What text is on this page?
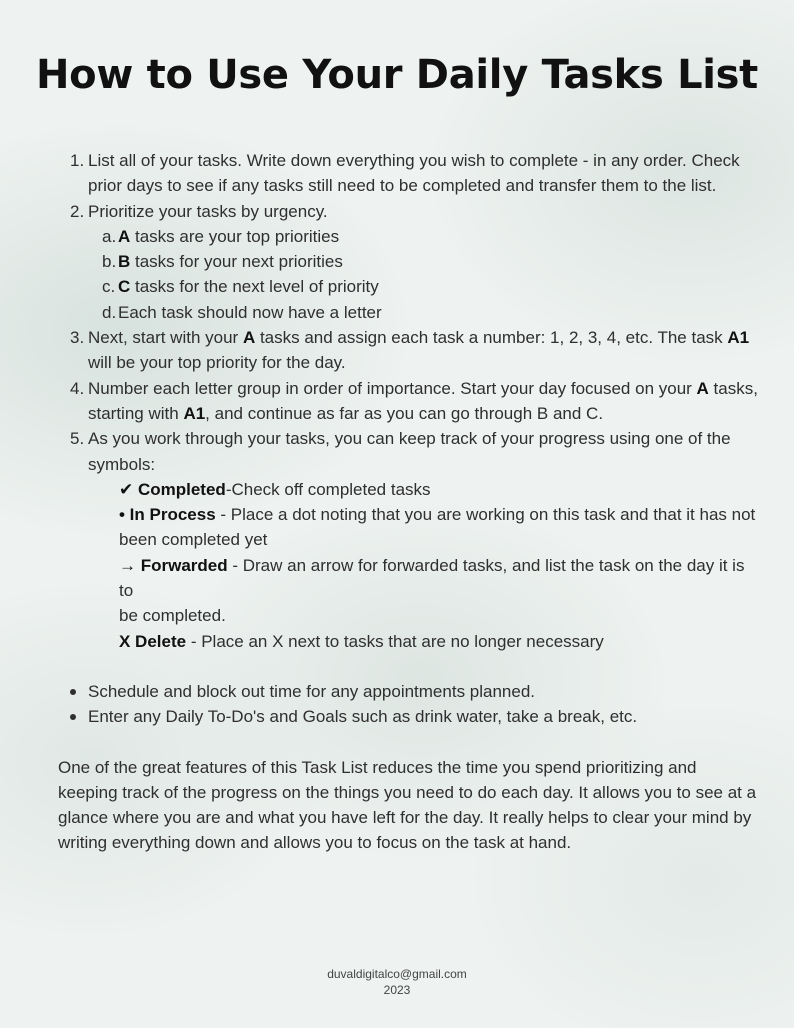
How to Use Your Daily Tasks List
1. List all of your tasks. Write down everything you wish to complete - in any order. Check prior days to see if any tasks still need to be completed and transfer them to the list.
2. Prioritize your tasks by urgency.
a. A tasks are your top priorities
b. B tasks for your next priorities
c. C tasks for the next level of priority
d. Each task should now have a letter
3. Next, start with your A tasks and assign each task a number: 1, 2, 3, 4, etc. The task A1 will be your top priority for the day.
4. Number each letter group in order of importance. Start your day focused on your A tasks, starting with A1, and continue as far as you can go through B and C.
5. As you work through your tasks, you can keep track of your progress using one of the symbols:
✔ Completed-Check off completed tasks
• In Process - Place a dot noting that you are working on this task and that it has not been completed yet
→ Forwarded - Draw an arrow for forwarded tasks, and list the task on the day it is to
be completed.
X Delete - Place an X next to tasks that are no longer necessary
Schedule and block out time for any appointments planned.
Enter any Daily To-Do's and Goals such as drink water, take a break, etc.
One of the great features of this Task List reduces the time you spend prioritizing and keeping track of the progress on the things you need to do each day. It allows you to see at a glance where you are and what you have left for the day. It really helps to clear your mind by writing everything down and allows you to focus on the task at hand.
duvaldigitalco@gmail.com
2023
